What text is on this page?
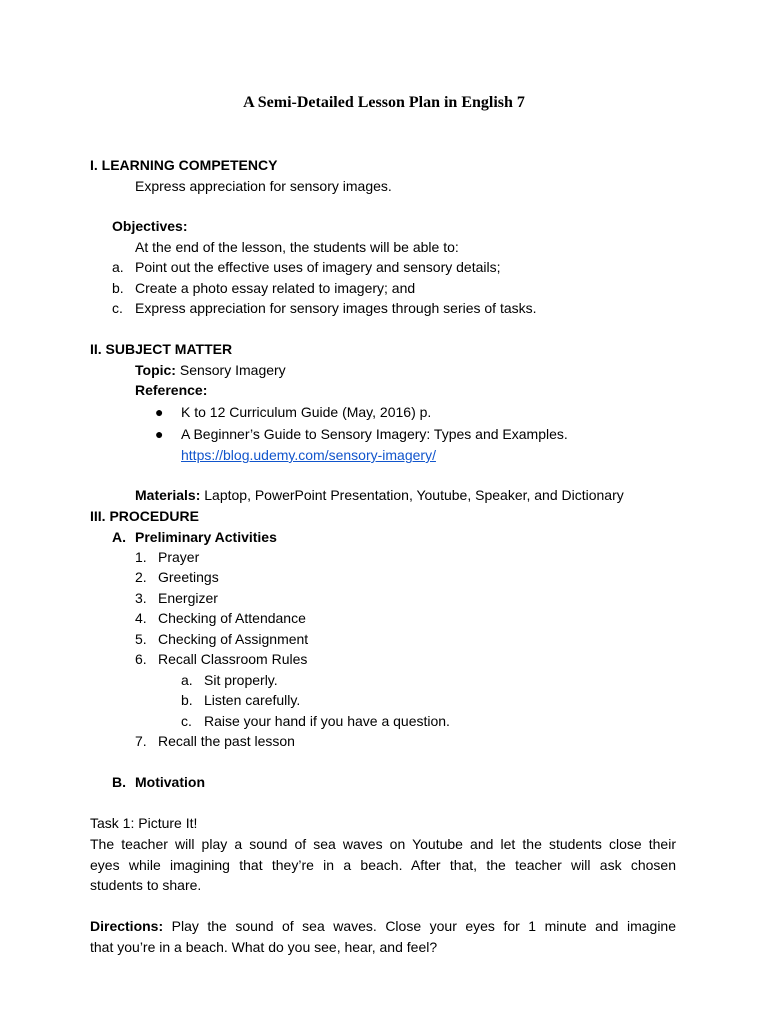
A Semi-Detailed Lesson Plan in English 7
I. LEARNING COMPETENCY
Express appreciation for sensory images.
Objectives:
At the end of the lesson, the students will be able to:
a. Point out the effective uses of imagery and sensory details;
b. Create a photo essay related to imagery; and
c. Express appreciation for sensory images through series of tasks.
II. SUBJECT MATTER
Topic: Sensory Imagery
Reference:
● K to 12 Curriculum Guide (May, 2016) p.
● A Beginner’s Guide to Sensory Imagery: Types and Examples.
https://blog.udemy.com/sensory-imagery/
Materials: Laptop, PowerPoint Presentation, Youtube, Speaker, and Dictionary
III. PROCEDURE
A. Preliminary Activities
1. Prayer
2. Greetings
3. Energizer
4. Checking of Attendance
5. Checking of Assignment
6. Recall Classroom Rules
a. Sit properly.
b. Listen carefully.
c. Raise your hand if you have a question.
7. Recall the past lesson
B. Motivation
Task 1: Picture It!
The teacher will play a sound of sea waves on Youtube and let the students close their
eyes while imagining that they’re in a beach. After that, the teacher will ask chosen
students to share.
Directions: Play the sound of sea waves. Close your eyes for 1 minute and imagine
that you’re in a beach. What do you see, hear, and feel?
